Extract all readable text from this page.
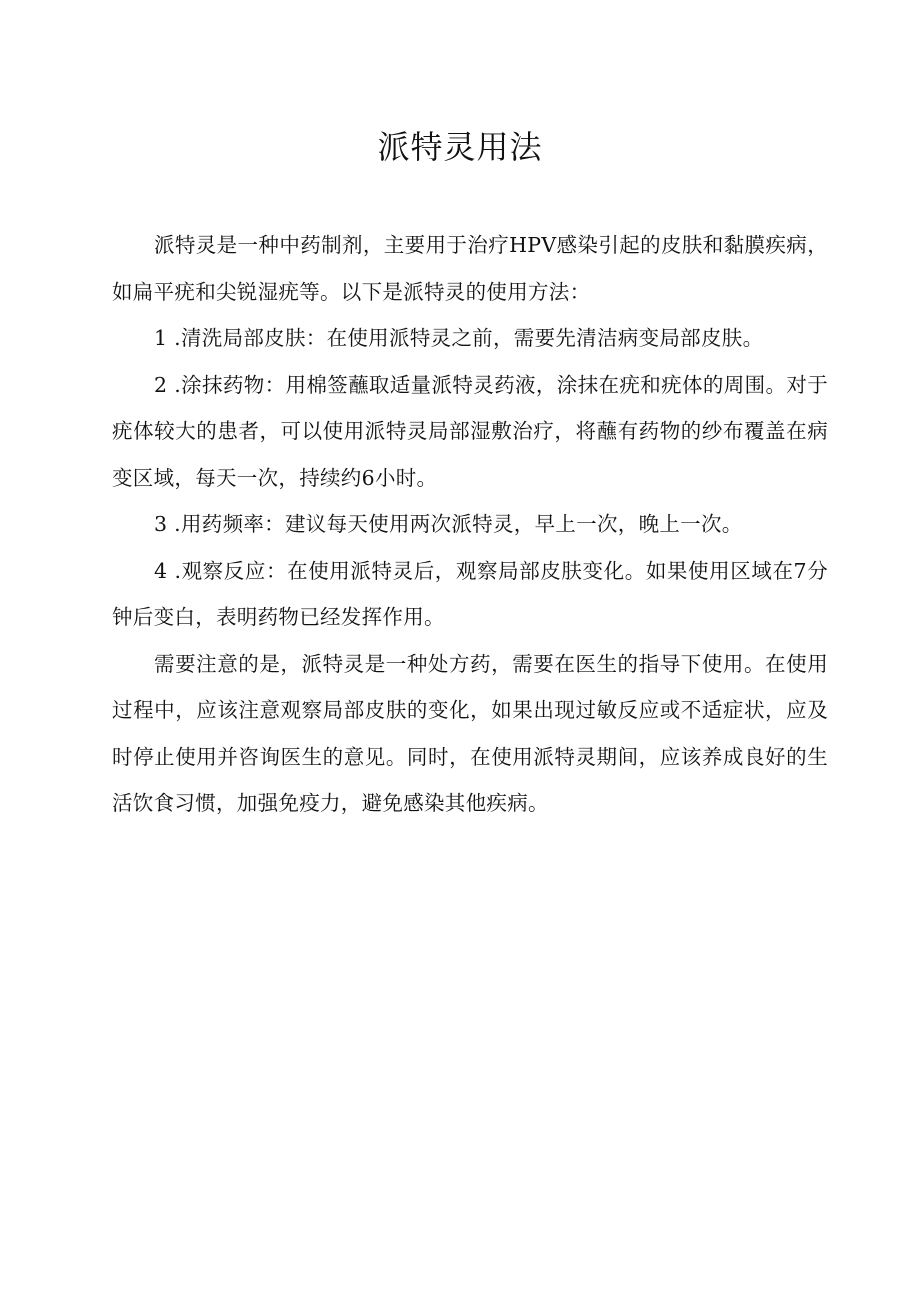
派特灵用法

派特灵是一种中药制剂，主要用于治疗HPV感染引起的皮肤和黏膜疾病，如扁平疣和尖锐湿疣等。以下是派特灵的使用方法：

1 .清洗局部皮肤：在使用派特灵之前，需要先清洁病变局部皮肤。

2 .涂抹药物：用棉签蘸取适量派特灵药液，涂抹在疣和疣体的周围。对于疣体较大的患者，可以使用派特灵局部湿敷治疗，将蘸有药物的纱布覆盖在病变区域，每天一次，持续约6小时。

3 .用药频率：建议每天使用两次派特灵，早上一次，晚上一次。

4 .观察反应：在使用派特灵后，观察局部皮肤变化。如果使用区域在7分钟后变白，表明药物已经发挥作用。

需要注意的是，派特灵是一种处方药，需要在医生的指导下使用。在使用过程中，应该注意观察局部皮肤的变化，如果出现过敏反应或不适症状，应及时停止使用并咨询医生的意见。同时，在使用派特灵期间，应该养成良好的生活饮食习惯，加强免疫力，避免感染其他疾病。
